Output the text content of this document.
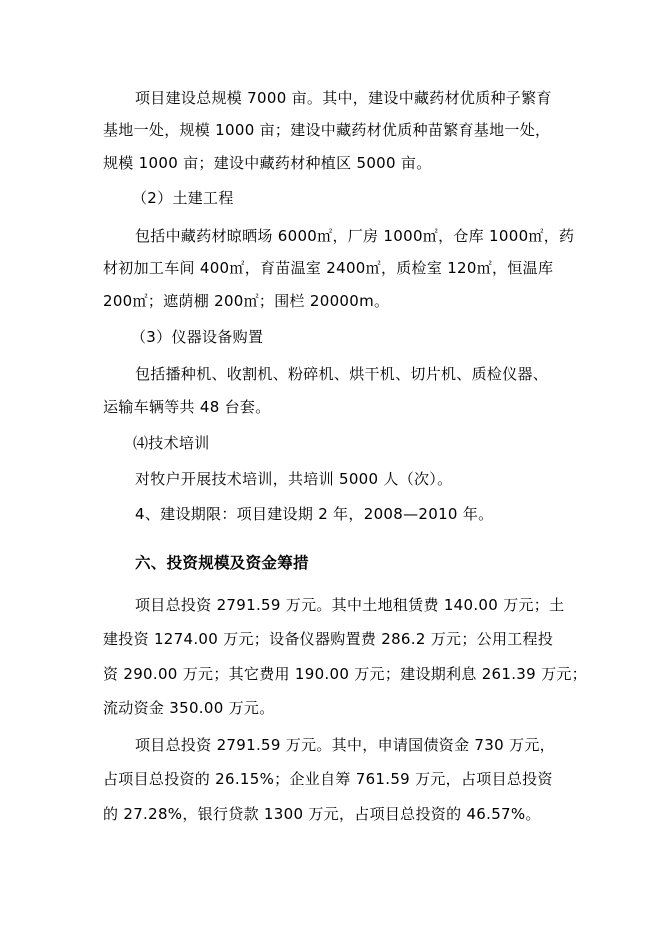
项目建设总规模 7000 亩。其中，建设中藏药材优质种子繁育
基地一处，规模 1000 亩；建设中藏药材优质种苗繁育基地一处，
规模 1000 亩；建设中藏药材种植区 5000 亩。
（2）土建工程
包括中藏药材晾晒场 6000㎡，厂房 1000㎡，仓库 1000㎡，药
材初加工车间 400㎡，育苗温室 2400㎡，质检室 120㎡，恒温库
200㎡；遮荫棚 200㎡；围栏 20000m。
（3）仪器设备购置
包括播种机、收割机、粉碎机、烘干机、切片机、质检仪器、
运输车辆等共 48 台套。
⑷技术培训
对牧户开展技术培训，共培训 5000 人（次）。
4、建设期限：项目建设期 2 年，2008—2010 年。
六、投资规模及资金筹措
项目总投资 2791.59 万元。其中土地租赁费 140.00 万元；土
建投资 1274.00 万元；设备仪器购置费 286.2 万元；公用工程投
资 290.00 万元；其它费用 190.00 万元；建设期利息 261.39 万元；
流动资金 350.00 万元。
项目总投资 2791.59 万元。其中，申请国债资金 730 万元，
占项目总投资的 26.15%；企业自筹 761.59 万元，占项目总投资
的 27.28%，银行贷款 1300 万元，占项目总投资的 46.57%。
